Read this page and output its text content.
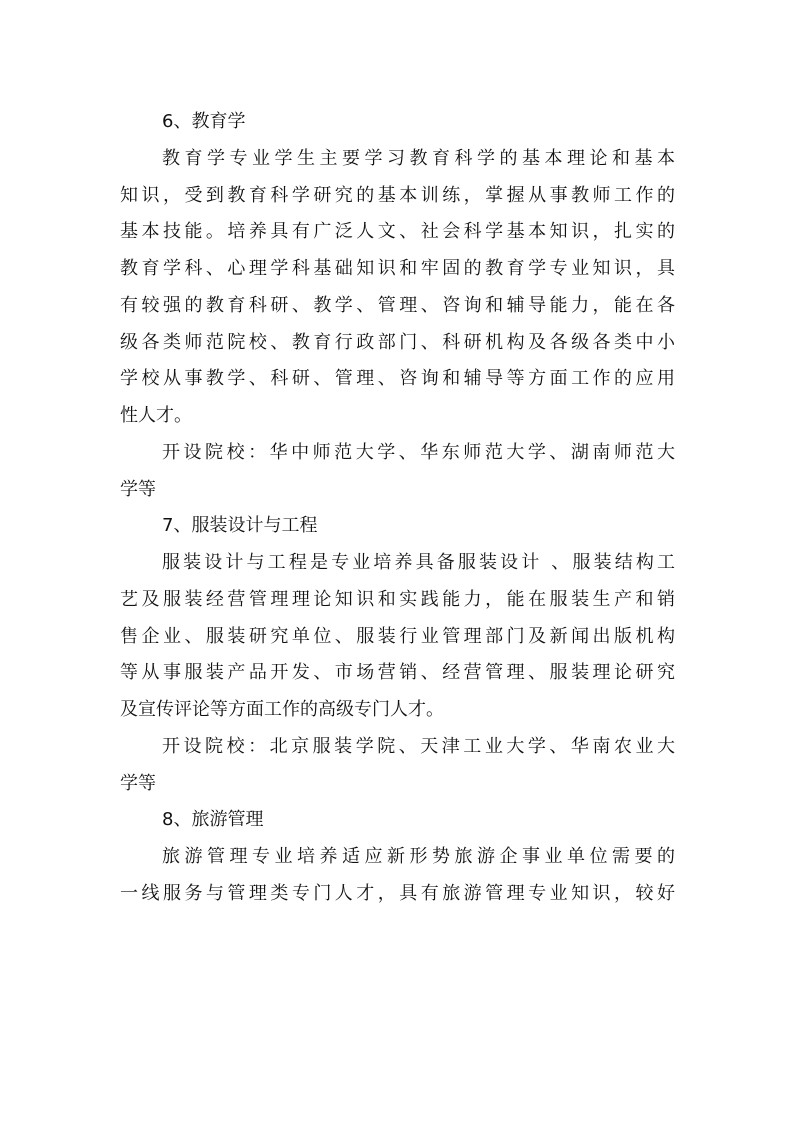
6、教育学
教育学专业学生主要学习教育科学的基本理论和基本
知识，受到教育科学研究的基本训练，掌握从事教师工作的
基本技能。培养具有广泛人文、社会科学基本知识，扎实的
教育学科、心理学科基础知识和牢固的教育学专业知识，具
有较强的教育科研、教学、管理、咨询和辅导能力，能在各
级各类师范院校、教育行政部门、科研机构及各级各类中小
学校从事教学、科研、管理、咨询和辅导等方面工作的应用
性人才。
开设院校：华中师范大学、华东师范大学、湖南师范大
学等
7、服装设计与工程
服装设计与工程是专业培养具备服装设计 、服装结构工
艺及服装经营管理理论知识和实践能力，能在服装生产和销
售企业、服装研究单位、服装行业管理部门及新闻出版机构
等从事服装产品开发、市场营销、经营管理、服装理论研究
及宣传评论等方面工作的高级专门人才。
开设院校：北京服装学院、天津工业大学、华南农业大
学等
8、旅游管理
旅游管理专业培养适应新形势旅游企事业单位需要的
一线服务与管理类专门人才，具有旅游管理专业知识，较好
